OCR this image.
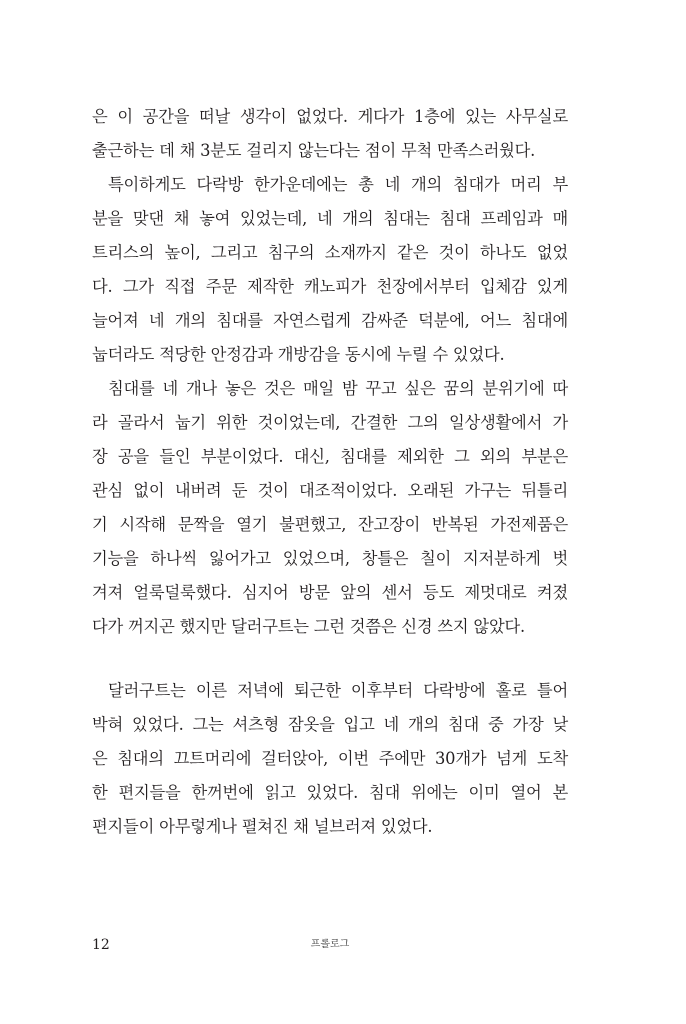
은 이 공간을 떠날 생각이 없었다. 게다가 1층에 있는 사무실로
출근하는 데 채 3분도 걸리지 않는다는 점이 무척 만족스러웠다.
특이하게도 다락방 한가운데에는 총 네 개의 침대가 머리 부
분을 맞댄 채 놓여 있었는데, 네 개의 침대는 침대 프레임과 매
트리스의 높이, 그리고 침구의 소재까지 같은 것이 하나도 없었
다. 그가 직접 주문 제작한 캐노피가 천장에서부터 입체감 있게
늘어져 네 개의 침대를 자연스럽게 감싸준 덕분에, 어느 침대에
눕더라도 적당한 안정감과 개방감을 동시에 누릴 수 있었다.
침대를 네 개나 놓은 것은 매일 밤 꾸고 싶은 꿈의 분위기에 따
라 골라서 눕기 위한 것이었는데, 간결한 그의 일상생활에서 가
장 공을 들인 부분이었다. 대신, 침대를 제외한 그 외의 부분은
관심 없이 내버려 둔 것이 대조적이었다. 오래된 가구는 뒤틀리
기 시작해 문짝을 열기 불편했고, 잔고장이 반복된 가전제품은
기능을 하나씩 잃어가고 있었으며, 창틀은 칠이 지저분하게 벗
겨져 얼룩덜룩했다. 심지어 방문 앞의 센서 등도 제멋대로 켜졌
다가 꺼지곤 했지만 달러구트는 그런 것쯤은 신경 쓰지 않았다.
달러구트는 이른 저녁에 퇴근한 이후부터 다락방에 홀로 틀어
박혀 있었다. 그는 셔츠형 잠옷을 입고 네 개의 침대 중 가장 낮
은 침대의 끄트머리에 걸터앉아, 이번 주에만 30개가 넘게 도착
한 편지들을 한꺼번에 읽고 있었다. 침대 위에는 이미 열어 본
편지들이 아무렇게나 펼쳐진 채 널브러져 있었다.
12	프롤로그
